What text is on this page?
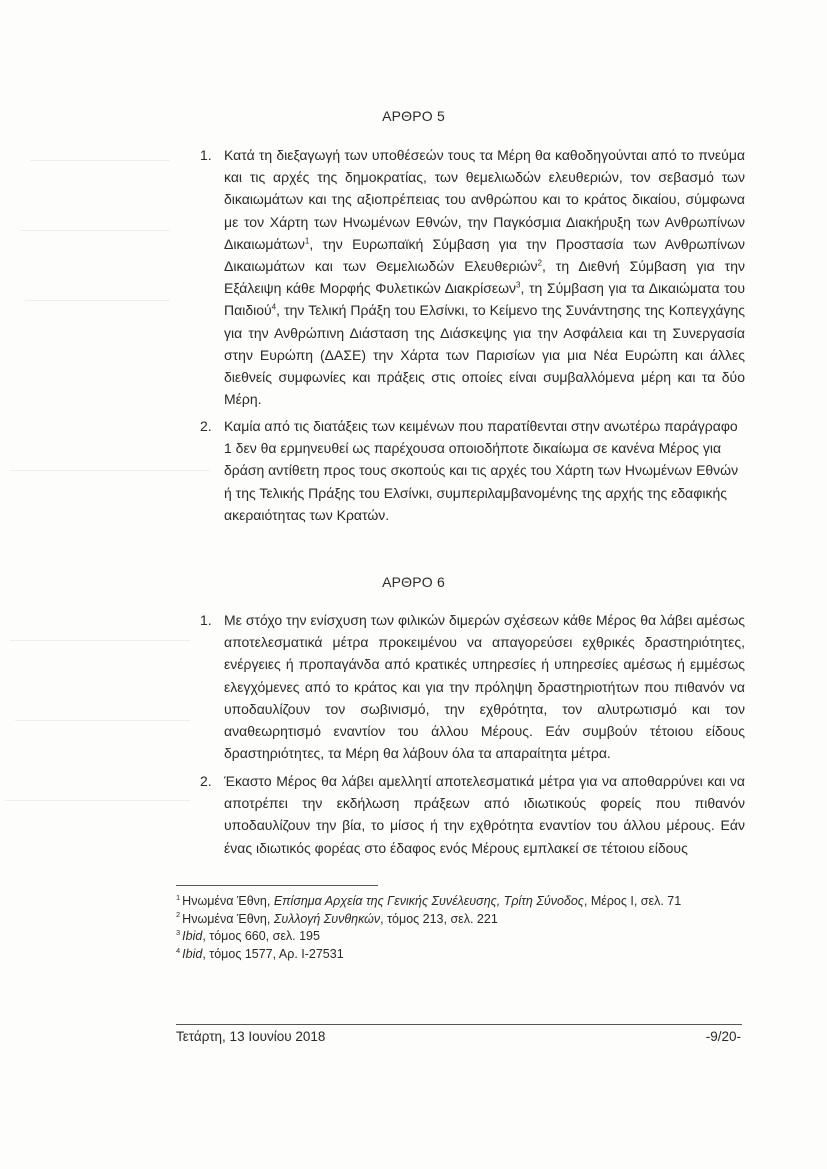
ΑΡΘΡΟ 5
1. Κατά τη διεξαγωγή των υποθέσεών τους τα Μέρη θα καθοδηγούνται από το πνεύμα και τις αρχές της δημοκρατίας, των θεμελιωδών ελευθεριών, τον σεβασμό των δικαιωμάτων και της αξιοπρέπειας του ανθρώπου και το κράτος δικαίου, σύμφωνα με τον Χάρτη των Ηνωμένων Εθνών, την Παγκόσμια Διακήρυξη των Ανθρωπίνων Δικαιωμάτων$^1$, την Ευρωπαϊκή Σύμβαση για την Προστασία των Ανθρωπίνων Δικαιωμάτων και των Θεμελιωδών Ελευθεριών$^2$, τη Διεθνή Σύμβαση για την Εξάλειψη κάθε Μορφής Φυλετικών Διακρίσεων$^3$, τη Σύμβαση για τα Δικαιώματα του Παιδιού$^4$, την Τελική Πράξη του Ελσίνκι, το Κείμενο της Συνάντησης της Κοπεγχάγης για την Ανθρώπινη Διάσταση της Διάσκεψης για την Ασφάλεια και τη Συνεργασία στην Ευρώπη (ΔΑΣΕ) την Χάρτα των Παρισίων για μια Νέα Ευρώπη και άλλες διεθνείς συμφωνίες και πράξεις στις οποίες είναι συμβαλλόμενα μέρη και τα δύο Μέρη.
2. Καμία από τις διατάξεις των κειμένων που παρατίθενται στην ανωτέρω παράγραφο 1 δεν θα ερμηνευθεί ως παρέχουσα οποιοδήποτε δικαίωμα σε κανένα Μέρος για δράση αντίθετη προς τους σκοπούς και τις αρχές του Χάρτη των Ηνωμένων Εθνών ή της Τελικής Πράξης του Ελσίνκι, συμπεριλαμβανομένης της αρχής της εδαφικής ακεραιότητας των Κρατών.
ΑΡΘΡΟ 6
1. Με στόχο την ενίσχυση των φιλικών διμερών σχέσεων κάθε Μέρος θα λάβει αμέσως αποτελεσματικά μέτρα προκειμένου να απαγορεύσει εχθρικές δραστηριότητες, ενέργειες ή προπαγάνδα από κρατικές υπηρεσίες ή υπηρεσίες αμέσως ή εμμέσως ελεγχόμενες από το κράτος και για την πρόληψη δραστηριοτήτων που πιθανόν να υποδαυλίζουν τον σωβινισμό, την εχθρότητα, τον αλυτρωτισμό και τον αναθεωρητισμό εναντίον του άλλου Μέρους. Εάν συμβούν τέτοιου είδους δραστηριότητες, τα Μέρη θα λάβουν όλα τα απαραίτητα μέτρα.
2. Έκαστο Μέρος θα λάβει αμελλητί αποτελεσματικά μέτρα για να αποθαρρύνει και να αποτρέπει την εκδήλωση πράξεων από ιδιωτικούς φορείς που πιθανόν υποδαυλίζουν την βία, το μίσος ή την εχθρότητα εναντίον του άλλου μέρους. Εάν ένας ιδιωτικός φορέας στο έδαφος ενός Μέρους εμπλακεί σε τέτοιου είδους
$^1$ Ηνωμένα Έθνη, Επίσημα Αρχεία της Γενικής Συνέλευσης, Τρίτη Σύνοδος, Μέρος I, σελ. 71
$^2$ Ηνωμένα Έθνη, Συλλογή Συνθηκών, τόμος 213, σελ. 221
$^3$ Ibid, τόμος 660, σελ. 195
$^4$ Ibid, τόμος 1577, Αρ. I-27531
Τετάρτη, 13 Ιουνίου 2018	-9/20-
